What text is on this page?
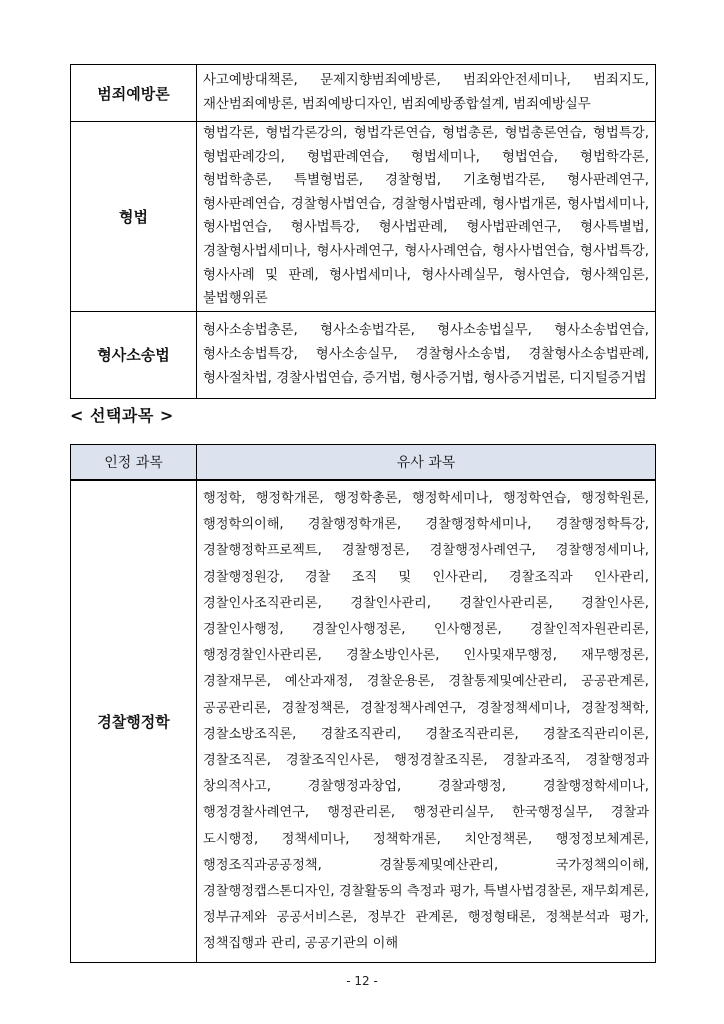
범죄예방론	사고예방대책론, 문제지향범죄예방론, 범죄와안전세미나, 범죄지도, 재산범죄예방론, 범죄예방디자인, 범죄예방종합설계, 범죄예방실무
형법	형법각론, 형법각론강의, 형법각론연습, 형법총론, 형법총론연습, 형법특강, 형법판례강의, 형법판례연습, 형법세미나, 형법연습, 형법학각론, 형법학총론, 특별형법론, 경찰형법, 기초형법각론, 형사판례연구, 형사판례연습, 경찰형사법연습, 경찰형사법판례, 형사법개론, 형사법세미나, 형사법연습, 형사법특강, 형사법판례, 형사법판례연구, 형사특별법, 경찰형사법세미나, 형사사례연구, 형사사례연습, 형사사법연습, 형사법특강, 형사사례 및 판례, 형사법세미나, 형사사례실무, 형사연습, 형사책임론, 불법행위론
형사소송법	형사소송법총론, 형사소송법각론, 형사소송법실무, 형사소송법연습, 형사소송법특강, 형사소송실무, 경찰형사소송법, 경찰형사소송법판례, 형사절차법, 경찰사법연습, 증거법, 형사증거법, 형사증거법론, 디지털증거법
< 선택과목 >
인정 과목	유사 과목
경찰행정학	행정학, 행정학개론, 행정학총론, 행정학세미나, 행정학연습, 행정학원론, 행정학의이해, 경찰행정학개론, 경찰행정학세미나, 경찰행정학특강, 경찰행정학프로젝트, 경찰행정론, 경찰행정사례연구, 경찰행정세미나, 경찰행정원강, 경찰 조직 및 인사관리, 경찰조직과 인사관리, 경찰인사조직관리론, 경찰인사관리, 경찰인사관리론, 경찰인사론, 경찰인사행정, 경찰인사행정론, 인사행정론, 경찰인적자원관리론, 행정경찰인사관리론, 경찰소방인사론, 인사및재무행정, 재무행정론, 경찰재무론, 예산과재정, 경찰운용론, 경찰통제및예산관리, 공공관계론, 공공관리론, 경찰정책론, 경찰정책사례연구, 경찰정책세미나, 경찰정책학, 경찰소방조직론, 경찰조직관리, 경찰조직관리론, 경찰조직관리이론, 경찰조직론, 경찰조직인사론, 행정경찰조직론, 경찰과조직, 경찰행정과 창의적사고, 경찰행정과창업, 경찰과행정, 경찰행정학세미나, 행정경찰사례연구, 행정관리론, 행정관리실무, 한국행정실무, 경찰과 도시행정, 정책세미나, 정책학개론, 치안정책론, 행정정보체계론, 행정조직과공공정책, 경찰통제및예산관리, 국가정책의이해, 경찰행정캡스톤디자인, 경찰활동의 측정과 평가, 특별사법경찰론, 재무회계론, 정부규제와 공공서비스론, 정부간 관계론, 행정형태론, 정책분석과 평가, 정책집행과 관리, 공공기관의 이해
- 12 -
